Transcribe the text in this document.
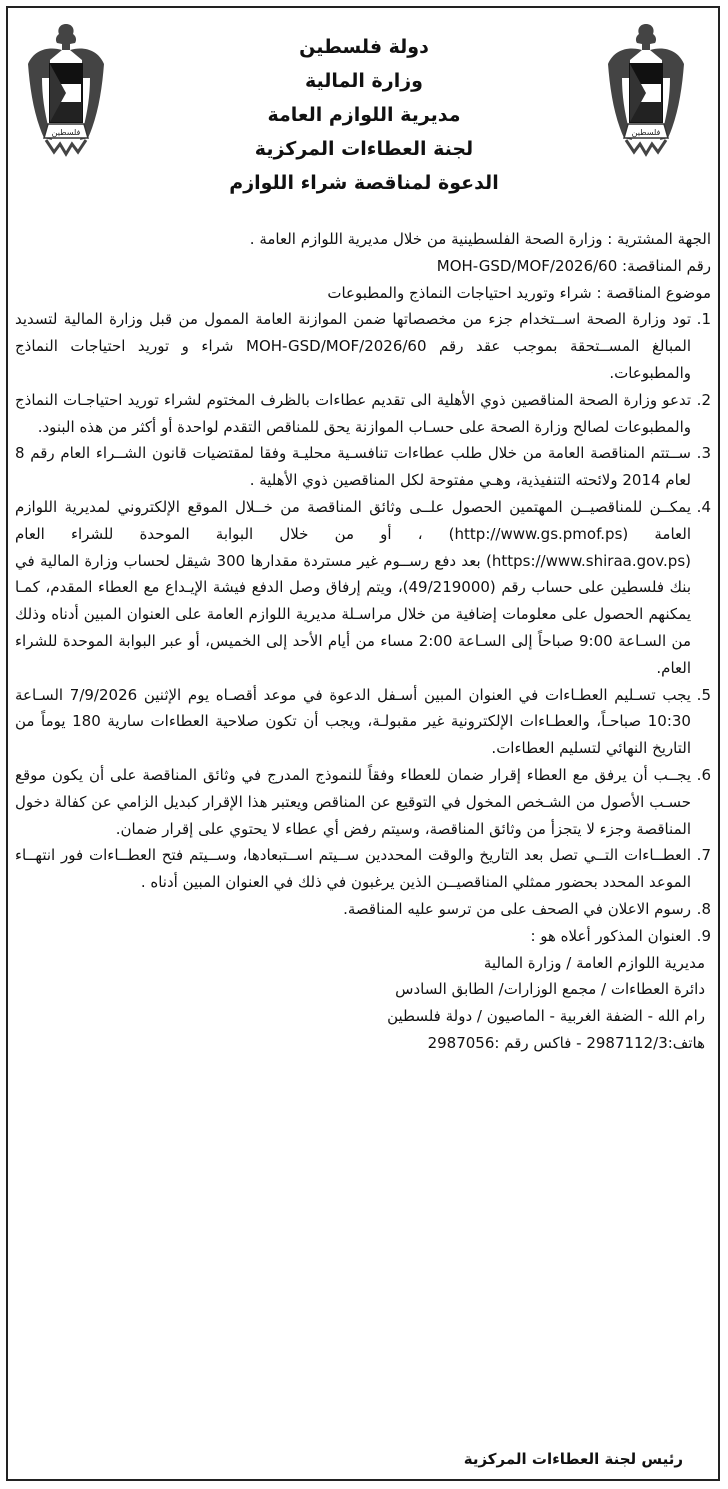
فلسطين	فلسطين
دولة فلسطين
وزارة المالية
مديرية اللوازم العامة
لجنة العطاءات المركزية
الدعوة لمناقصة شراء اللوازم

الجهة المشترية : وزارة الصحة الفلسطينية من خلال مديرية اللوازم العامة .

رقم المناقصة: MOH-GSD/MOF/2026/60

موضوع المناقصة : شراء وتوريد احتياجات النماذج والمطبوعات

1.
تود وزارة الصحة اســتخدام جزء من مخصصاتها ضمن الموازنة العامة الممول من قبل وزارة المالية لتسديد المبالغ المســتحقة بموجب عقد رقم MOH-GSD/MOF/2026/60 شراء و توريد احتياجات النماذج والمطبوعات.
2.
تدعو وزارة الصحة المناقصين ذوي الأهلية الى تقديم عطاءات بالظرف المختوم لشراء توريد احتياجـات النماذج والمطبوعات لصالح وزارة الصحة على حسـاب الموازنة يحق للمناقص التقدم لواحدة أو أكثر من هذه البنود.
3.
ســتتم المناقصة العامة من خلال طلب عطاءات تنافسـية محليـة وفقا لمقتضيات قانون الشــراء العام رقم 8 لعام 2014 ولائحته التنفيذية، وهـي مفتوحة لكل المناقصين ذوي الأهلية .
4.
يمكــن للمناقصيــن المهتمين الحصول علــى وثائق المناقصة من خــلال الموقع الإلكتروني لمديرية اللوازم العامة (http://www.gs.pmof.ps) ، أو من خلال البوابة الموحدة للشراء العام (https://www.shiraa.gov.ps) بعد دفع رســوم غير مستردة مقدارها 300 شيقل لحساب وزارة المالية في بنك فلسطين على حساب رقم (49/219000)، ويتم إرفاق وصل الدفع فيشة الإيـداع مع العطاء المقدم، كمـا يمكنهم الحصول على معلومات إضافية من خلال مراسـلة مديرية اللوازم العامة على العنوان المبين أدناه وذلك من السـاعة 9:00 صباحاً إلى السـاعة 2:00 مساء من أيام الأحد إلى الخميس، أو عبر البوابة الموحدة للشراء العام.
5.
يجب تسـليم العطـاءات في العنوان المبين أسـفل الدعوة في موعد أقصـاه يوم الإثنين 7/9/2026 السـاعة 10:30 صباحـاً، والعطـاءات الإلكترونية غير مقبولـة، ويجب أن تكون صلاحية العطاءات سارية 180 يوماً من التاريخ النهائي لتسليم العطاءات.
6.
يجــب أن يرفق مع العطاء إقرار ضمان للعطاء وفقاً للنموذج المدرج في وثائق المناقصة على أن يكون موقع حسـب الأصول من الشـخص المخول في التوقيع عن المناقص ويعتبر هذا الإقرار كبديل الزامي عن كفالة دخول المناقصة وجزء لا يتجزأ من وثائق المناقصة، وسيتم رفض أي عطاء لا يحتوي على إقرار ضمان.
7.
العطــاءات التــي تصل بعد التاريخ والوقت المحددين ســيتم اســتبعادها، وســيتم فتح العطــاءات فور انتهــاء الموعد المحدد بحضور ممثلي المناقصيــن الذين يرغبون في ذلك في العنوان المبين أدناه .
8.
رسوم الاعلان في الصحف على من ترسو عليه المناقصة.
9.
العنوان المذكور أعلاه هو :

مديرية اللوازم العامة / وزارة المالية

دائرة العطاءات / مجمع الوزارات/ الطابق السادس

رام الله - الضفة الغربية - الماصيون / دولة فلسطين

هاتف:2987112/3 - فاكس رقم :2987056

رئيس لجنة العطاءات المركزية
